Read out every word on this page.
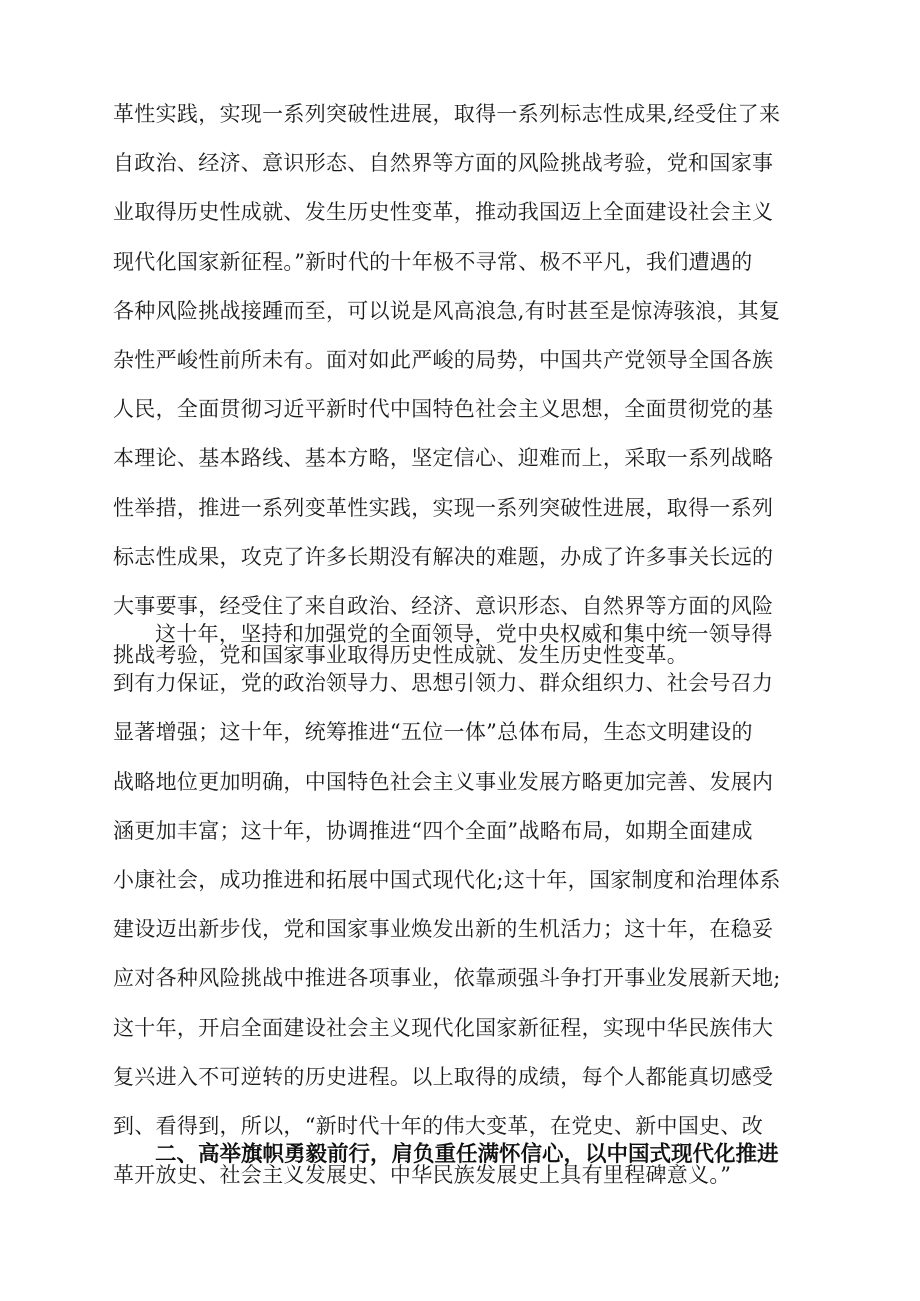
革性实践，实现一系列突破性进展，取得一系列标志性成果,经受住了来
自政治、经济、意识形态、自然界等方面的风险挑战考验，党和国家事
业取得历史性成就、发生历史性变革，推动我国迈上全面建设社会主义
现代化国家新征程。”新时代的十年极不寻常、极不平凡，我们遭遇的
各种风险挑战接踵而至，可以说是风高浪急,有时甚至是惊涛骇浪，其复
杂性严峻性前所未有。面对如此严峻的局势，中国共产党领导全国各族
人民，全面贯彻习近平新时代中国特色社会主义思想，全面贯彻党的基
本理论、基本路线、基本方略，坚定信心、迎难而上，采取一系列战略
性举措，推进一系列变革性实践，实现一系列突破性进展，取得一系列
标志性成果，攻克了许多长期没有解决的难题，办成了许多事关长远的
大事要事，经受住了来自政治、经济、意识形态、自然界等方面的风险
挑战考验，党和国家事业取得历史性成就、发生历史性变革。
这十年，坚持和加强党的全面领导，党中央权威和集中统一领导得
到有力保证，党的政治领导力、思想引领力、群众组织力、社会号召力
显著增强；这十年，统筹推进“五位一体”总体布局，生态文明建设的
战略地位更加明确，中国特色社会主义事业发展方略更加完善、发展内
涵更加丰富；这十年，协调推进“四个全面”战略布局，如期全面建成
小康社会，成功推进和拓展中国式现代化;这十年，国家制度和治理体系
建设迈出新步伐，党和国家事业焕发出新的生机活力；这十年，在稳妥
应对各种风险挑战中推进各项事业，依靠顽强斗争打开事业发展新天地;
这十年，开启全面建设社会主义现代化国家新征程，实现中华民族伟大
复兴进入不可逆转的历史进程。以上取得的成绩，每个人都能真切感受
到、看得到，所以，“新时代十年的伟大变革，在党史、新中国史、改
革开放史、社会主义发展史、中华民族发展史上具有里程碑意义。”
二、高举旗帜勇毅前行，肩负重任满怀信心，以中国式现代化推进
